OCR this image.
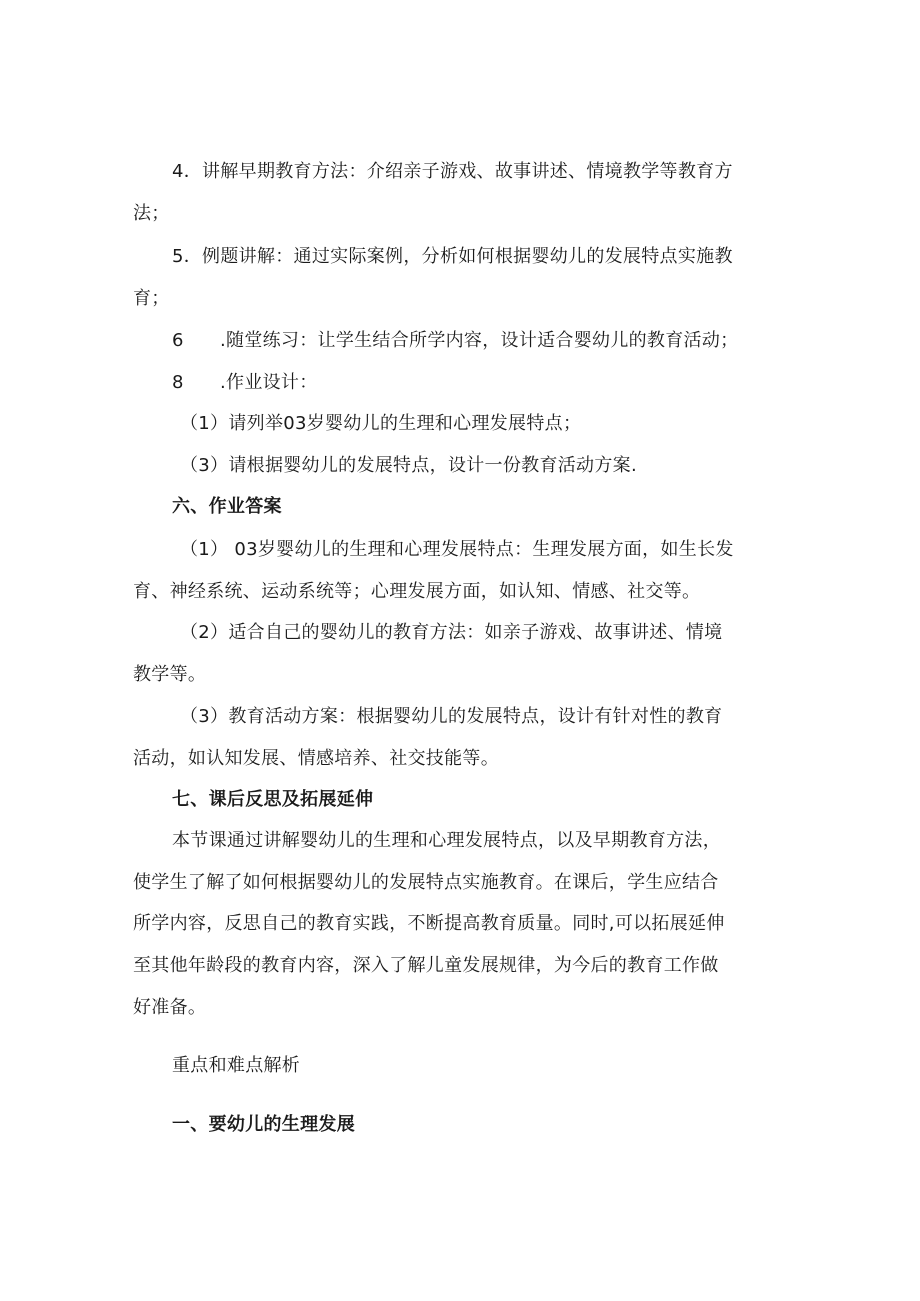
4．讲解早期教育方法：介绍亲子游戏、故事讲述、情境教学等教育方
法；
5．例题讲解：通过实际案例，分析如何根据婴幼儿的发展特点实施教
育；
6 .随堂练习：让学生结合所学内容，设计适合婴幼儿的教育活动；
8 .作业设计：
（1）请列举03岁婴幼儿的生理和心理发展特点；
（3）请根据婴幼儿的发展特点，设计一份教育活动方案.
六、作业答案
（1） 03岁婴幼儿的生理和心理发展特点：生理发展方面，如生长发
育、神经系统、运动系统等；心理发展方面，如认知、情感、社交等。
（2）适合自己的婴幼儿的教育方法：如亲子游戏、故事讲述、情境
教学等。
（3）教育活动方案：根据婴幼儿的发展特点，设计有针对性的教育
活动，如认知发展、情感培养、社交技能等。
七、课后反思及拓展延伸
本节课通过讲解婴幼儿的生理和心理发展特点，以及早期教育方法，
使学生了解了如何根据婴幼儿的发展特点实施教育。在课后，学生应结合
所学内容，反思自己的教育实践，不断提高教育质量。同时,可以拓展延伸
至其他年龄段的教育内容，深入了解儿童发展规律，为今后的教育工作做
好准备。
重点和难点解析
一、要幼儿的生理发展
